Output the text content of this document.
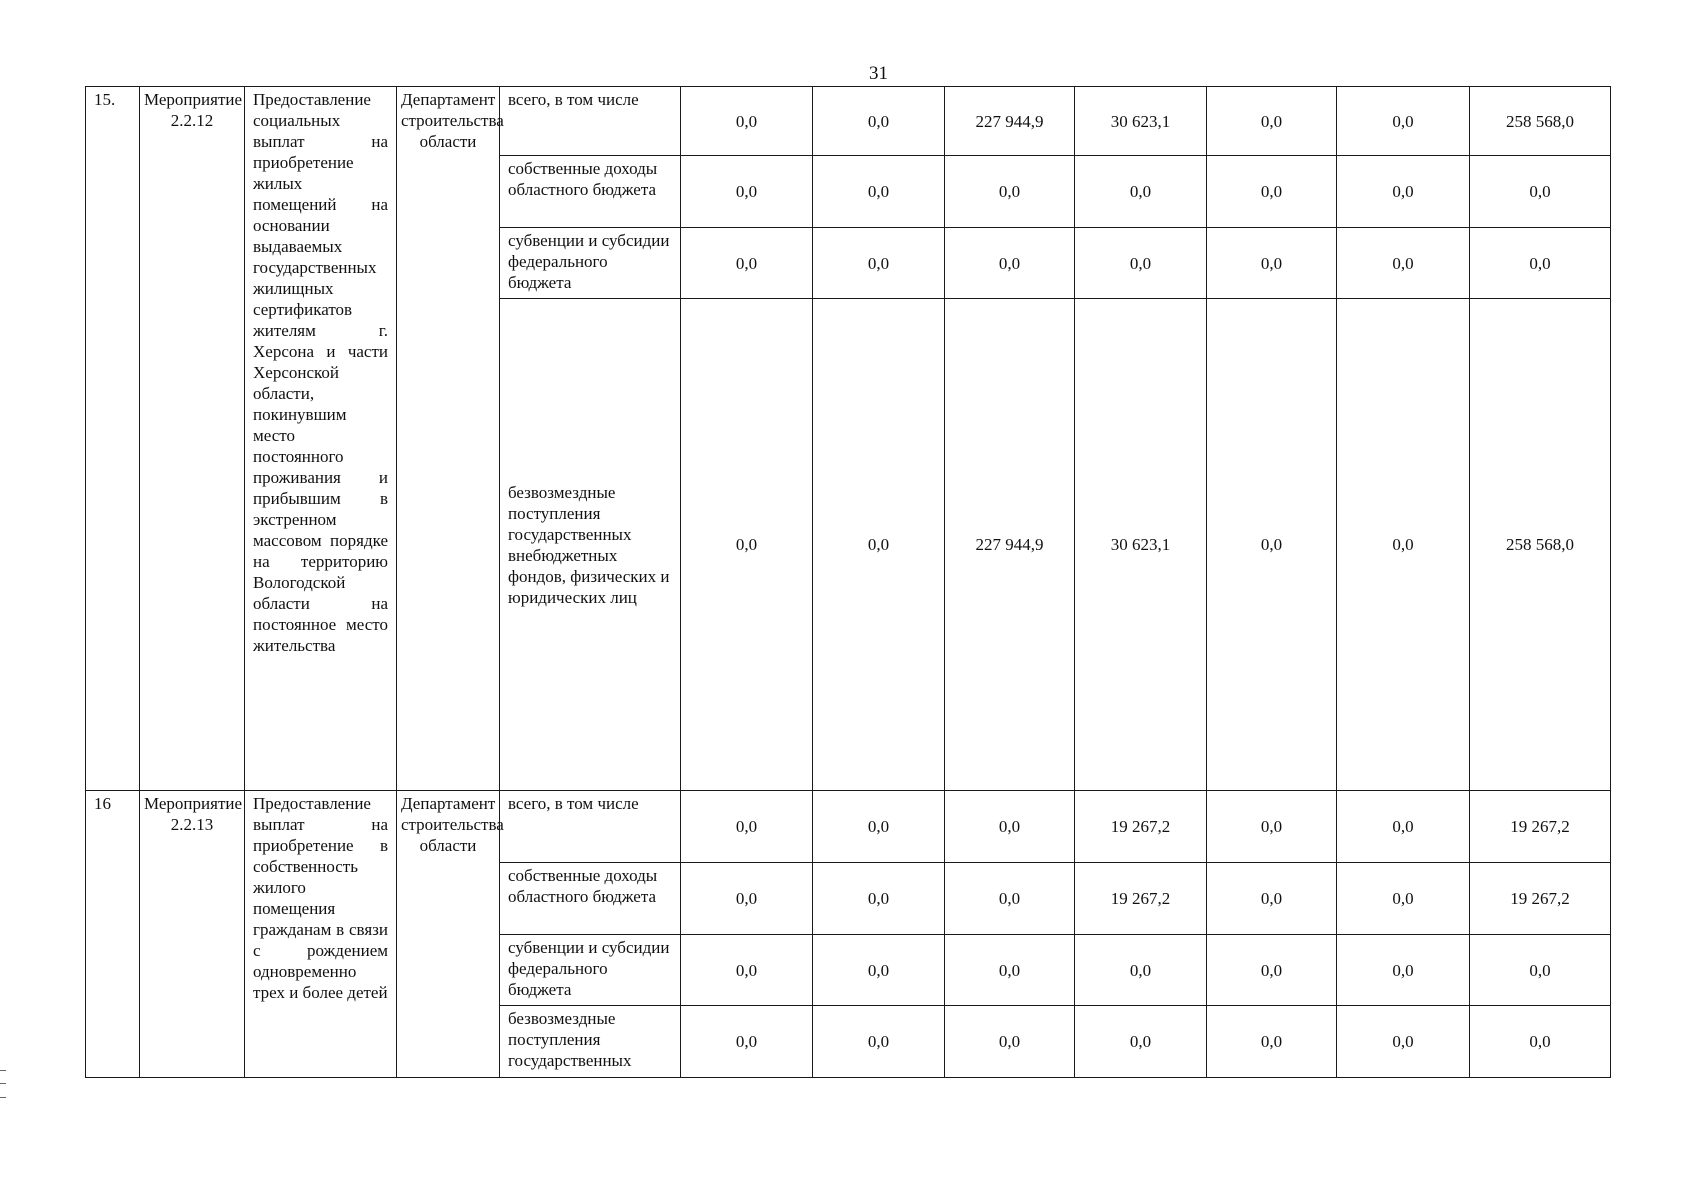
31
15.	Мероприятие 2.2.12	Предоставление социальных выплат на приобретение жилых помещений на основании выдаваемых государственных жилищных сертификатов жителям г. Херсона и части Херсонской области, покинувшим место постоянного проживания и прибывшим в экстренном массовом порядке на территорию Вологодской области на постоянное место жительства	Департамент строительства области	всего, в том числе	0,0	0,0	227 944,9	30 623,1	0,0	0,0	258 568,0
				собственные доходы областного бюджета	0,0	0,0	0,0	0,0	0,0	0,0	0,0
				субвенции и субсидии федерального бюджета	0,0	0,0	0,0	0,0	0,0	0,0	0,0
				безвозмездные поступления государственных внебюджетных фондов, физических и юридических лиц	0,0	0,0	227 944,9	30 623,1	0,0	0,0	258 568,0
16	Мероприятие 2.2.13	Предоставление выплат на приобретение в собственность жилого помещения гражданам в связи с рождением одновременно трех и более детей	Департамент строительства области	всего, в том числе	0,0	0,0	0,0	19 267,2	0,0	0,0	19 267,2
				собственные доходы областного бюджета	0,0	0,0	0,0	19 267,2	0,0	0,0	19 267,2
				субвенции и субсидии федерального бюджета	0,0	0,0	0,0	0,0	0,0	0,0	0,0
				безвозмездные поступления государственных	0,0	0,0	0,0	0,0	0,0	0,0	0,0
